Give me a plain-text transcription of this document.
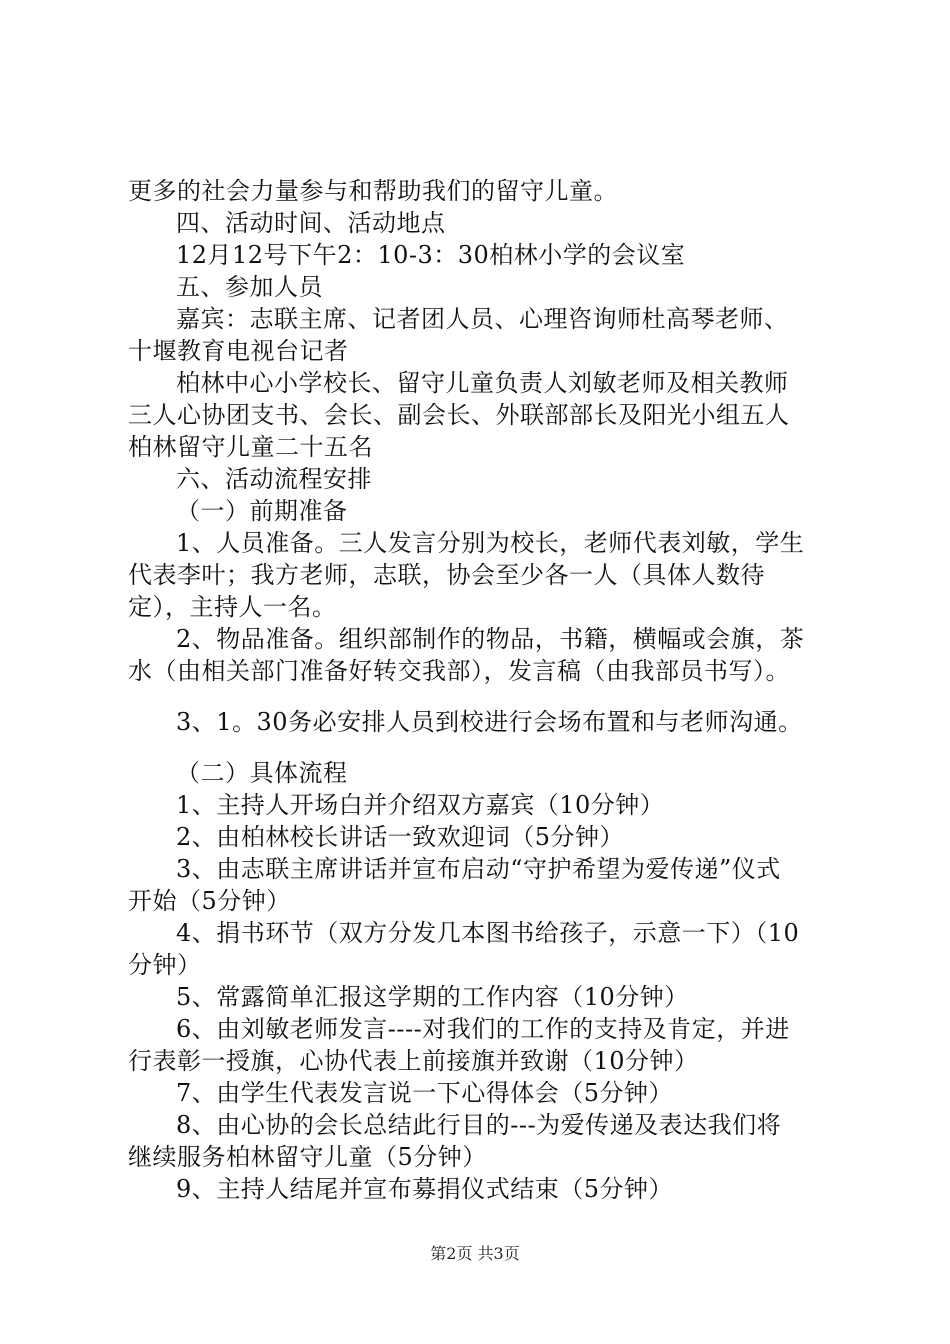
更多的社会力量参与和帮助我们的留守儿童。
四、活动时间、活动地点
12月12号下午2：10-3：30柏林小学的会议室
五、参加人员
嘉宾：志联主席、记者团人员、心理咨询师杜高琴老师、
十堰教育电视台记者
柏林中心小学校长、留守儿童负责人刘敏老师及相关教师
三人心协团支书、会长、副会长、外联部部长及阳光小组五人
柏林留守儿童二十五名
六、活动流程安排
（一）前期准备
1、人员准备。三人发言分别为校长，老师代表刘敏，学生
代表李叶；我方老师，志联，协会至少各一人（具体人数待
定），主持人一名。
2、物品准备。组织部制作的物品，书籍，横幅或会旗，茶
水（由相关部门准备好转交我部），发言稿（由我部员书写）。
3、1。30务必安排人员到校进行会场布置和与老师沟通。
（二）具体流程
1、主持人开场白并介绍双方嘉宾（10分钟）
2、由柏林校长讲话一致欢迎词（5分钟）
3、由志联主席讲话并宣布启动“守护希望为爱传递”仪式
开始（5分钟）
4、捐书环节（双方分发几本图书给孩子，示意一下）（10
分钟）
5、常露简单汇报这学期的工作内容（10分钟）
6、由刘敏老师发言----对我们的工作的支持及肯定，并进
行表彰一授旗，心协代表上前接旗并致谢（10分钟）
7、由学生代表发言说一下心得体会（5分钟）
8、由心协的会长总结此行目的---为爱传递及表达我们将
继续服务柏林留守儿童（5分钟）
9、主持人结尾并宣布募捐仪式结束（5分钟）
第2页 共3页
